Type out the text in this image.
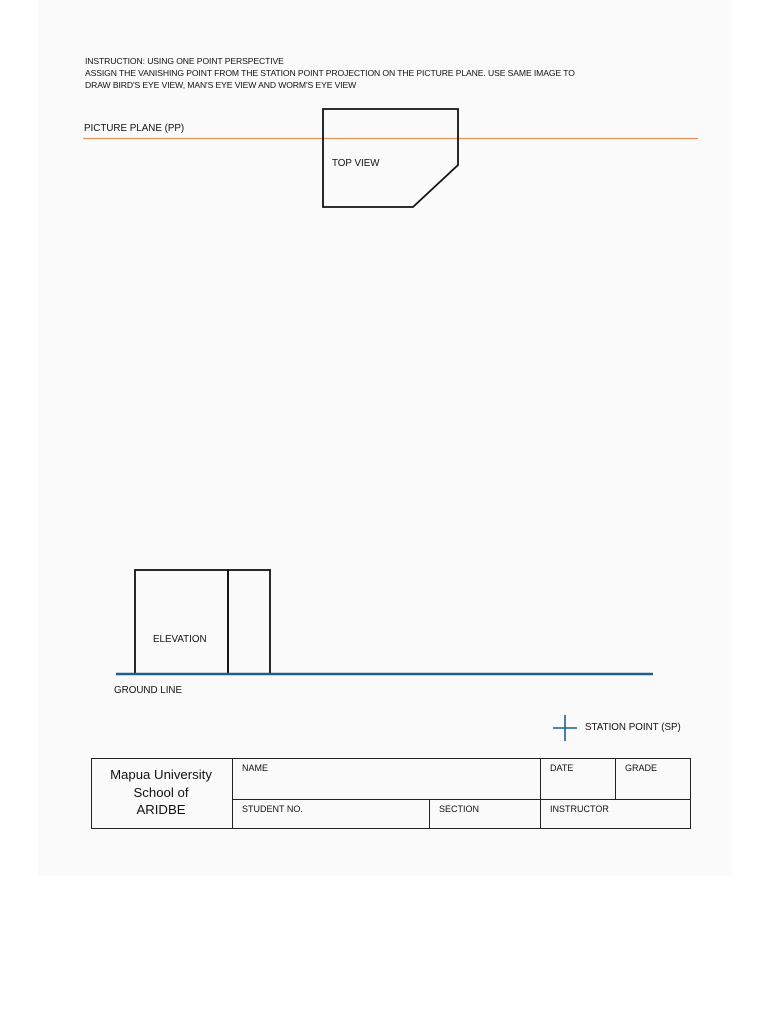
INSTRUCTION: USING ONE POINT PERSPECTIVE
ASSIGN THE VANISHING POINT FROM THE STATION POINT PROJECTION ON THE PICTURE PLANE. USE SAME IMAGE TO
DRAW BIRD'S EYE VIEW, MAN'S EYE VIEW AND WORM'S EYE VIEW
PICTURE PLANE (PP)
TOP VIEW
ELEVATION
GROUND LINE
STATION POINT (SP)
Mapua University
School of
ARIDBE
NAME	DATE	GRADE
STUDENT NO.	SECTION	INSTRUCTOR
